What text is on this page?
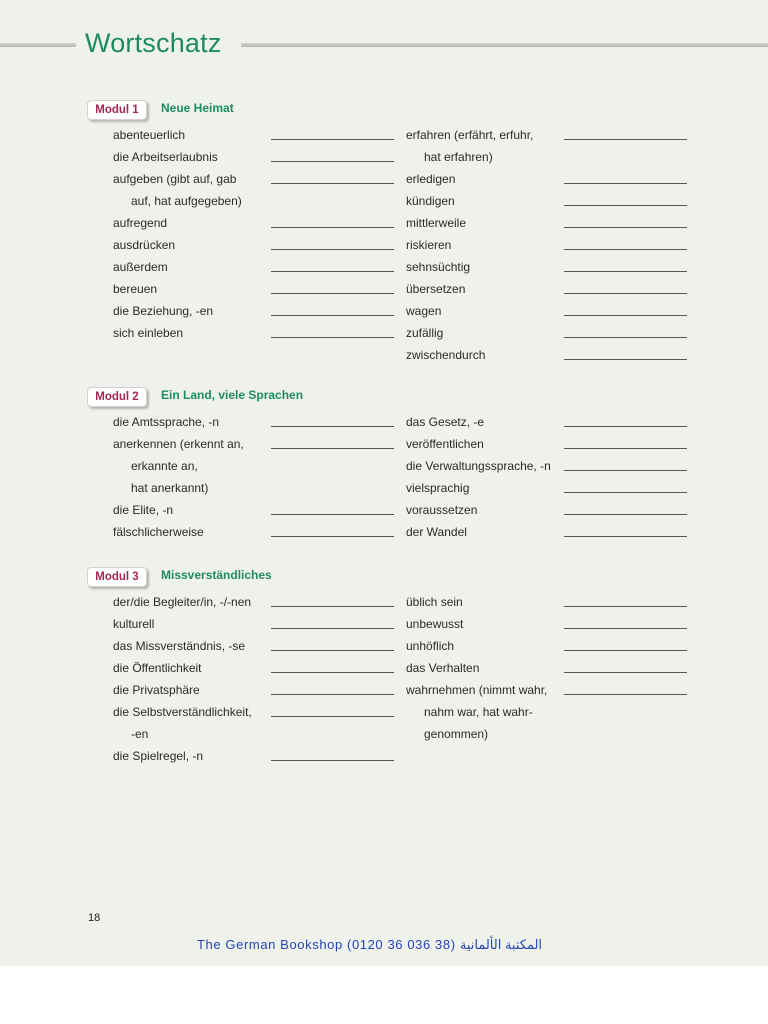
Wortschatz
Modul 1	Neue Heimat
abenteuerlich
die Arbeitserlaubnis
aufgeben (gibt auf, gab
auf, hat aufgegeben)
aufregend
ausdrücken
außerdem
bereuen
die Beziehung, -en
sich einleben
erfahren (erfährt, erfuhr,
hat erfahren)
erledigen
kündigen
mittlerweile
riskieren
sehnsüchtig
übersetzen
wagen
zufällig
zwischendurch
Modul 2	Ein Land, viele Sprachen
die Amtssprache, -n
anerkennen (erkennt an,
erkannte an,
hat anerkannt)
die Elite, -n
fälschlicherweise
das Gesetz, -e
veröffentlichen
die Verwaltungssprache, -n
vielsprachig
voraussetzen
der Wandel
Modul 3	Missverständliches
der/die Begleiter/in, -/-nen
kulturell
das Missverständnis, -se
die Öffentlichkeit
die Privatsphäre
die Selbstverständlichkeit,
-en
die Spielregel, -n
üblich sein
unbewusst
unhöflich
das Verhalten
wahrnehmen (nimmt wahr,
nahm war, hat wahr-
genommen)
18
The German Bookshop (0120 36 036 38) المكتبة الألمانية
